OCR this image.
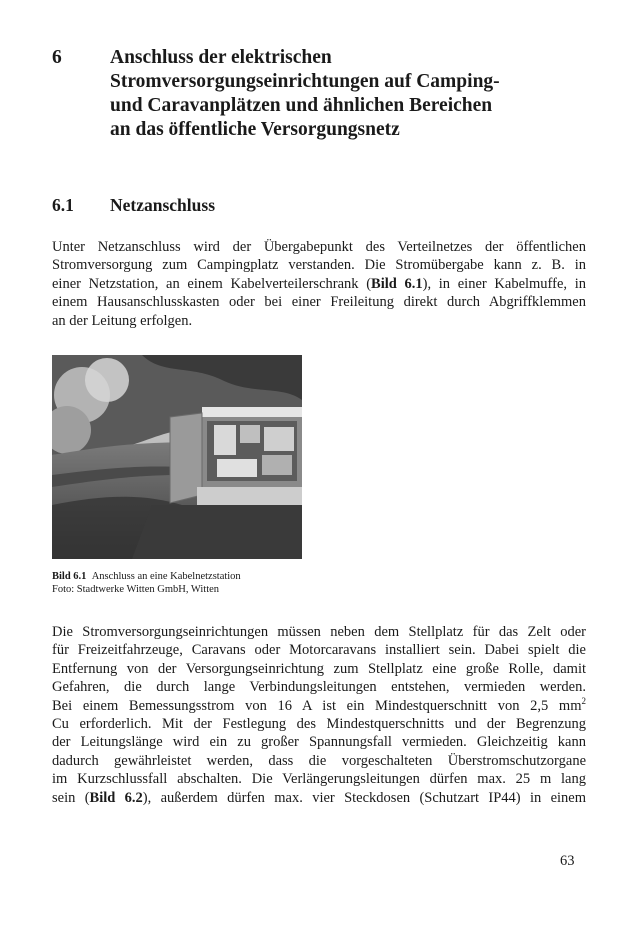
6	Anschluss der elektrischen
Stromversorgungseinrichtungen auf Camping-
und Caravanplätzen und ähnlichen Bereichen
an das öffentliche Versorgungsnetz
6.1 Netzanschluss
Unter Netzanschluss wird der Übergabepunkt des Verteilnetzes der öffentlichen
Stromversorgung zum Campingplatz verstanden. Die Stromübergabe kann z. B. in
einer Netzstation, an einem Kabelverteilerschrank (Bild 6.1), in einer Kabelmuffe, in
einem Hausanschlusskasten oder bei einer Freileitung direkt durch Abgriffklemmen
an der Leitung erfolgen.
Bild 6.1 Anschluss an eine Kabelnetzstation
Foto: Stadtwerke Witten GmbH, Witten
Die Stromversorgungseinrichtungen müssen neben dem Stellplatz für das Zelt oder
für Freizeitfahrzeuge, Caravans oder Motorcaravans installiert sein. Dabei spielt die
Entfernung von der Versorgungseinrichtung zum Stellplatz eine große Rolle, damit
Gefahren, die durch lange Verbindungsleitungen entstehen, vermieden werden.
Bei einem Bemessungsstrom von 16 A ist ein Mindestquerschnitt von 2,5 $mm^2$
Cu erforderlich. Mit der Festlegung des Mindestquerschnitts und der Begrenzung
der Leitungslänge wird ein zu großer Spannungsfall vermieden. Gleichzeitig kann
dadurch gewährleistet werden, dass die vorgeschalteten Überstromschutzorgane
im Kurzschlussfall abschalten. Die Verlängerungsleitungen dürfen max. 25 m lang
sein (Bild 6.2), außerdem dürfen max. vier Steckdosen (Schutzart IP44) in einem
63
